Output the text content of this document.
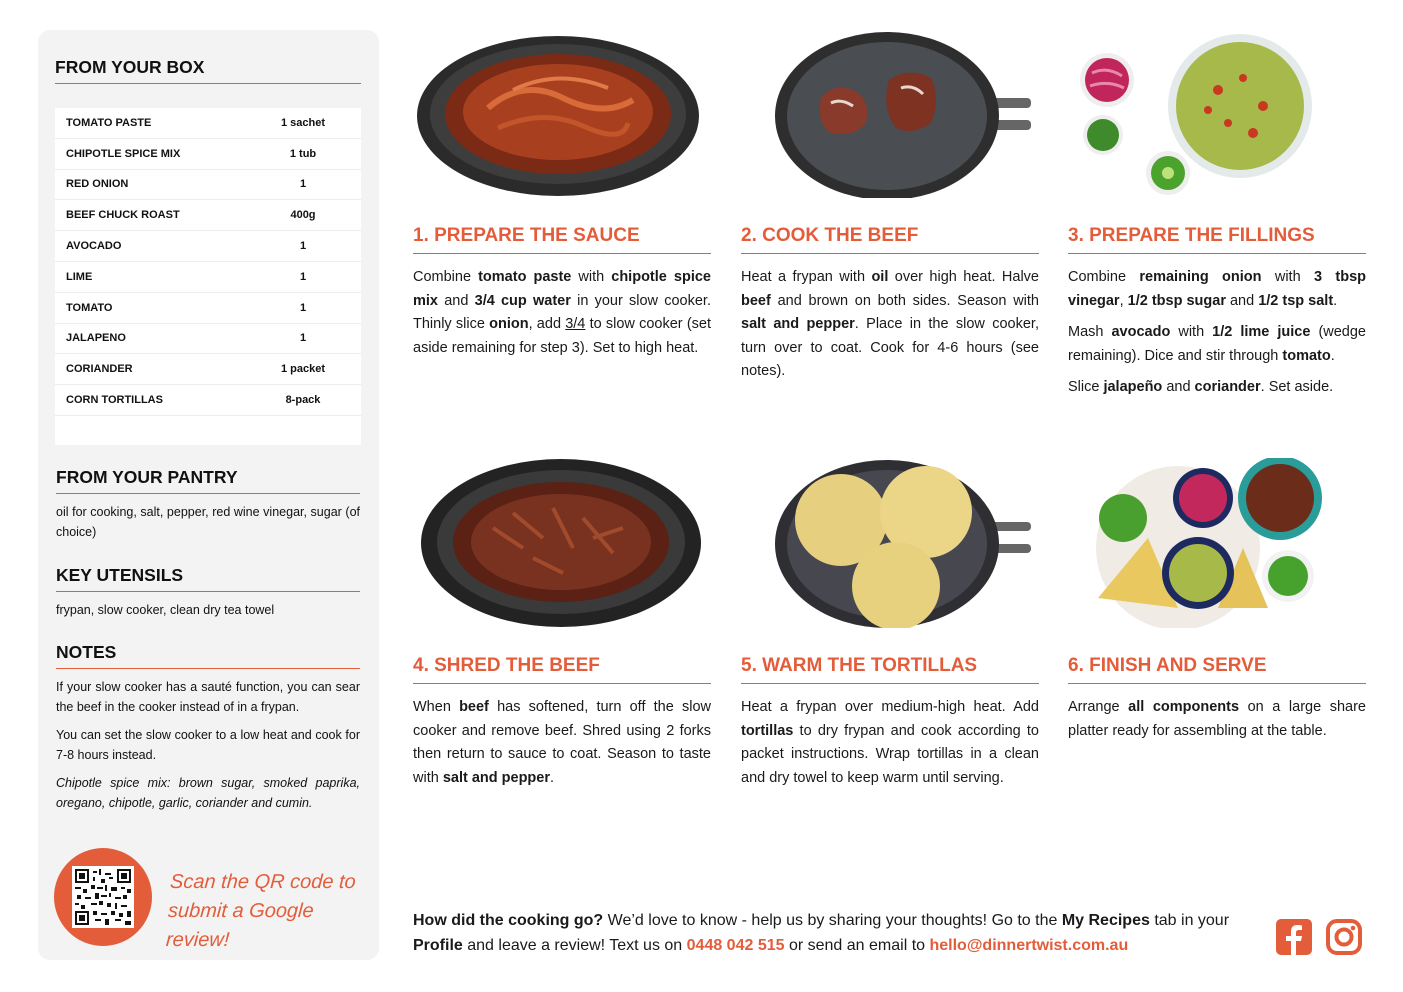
FROM YOUR BOX
TOMATO PASTE	1 sachet
CHIPOTLE SPICE MIX	1 tub
RED ONION	1
BEEF CHUCK ROAST	400g
AVOCADO	1
LIME	1
TOMATO	1
JALAPENO	1
CORIANDER	1 packet
CORN TORTILLAS	8-pack
FROM YOUR PANTRY
oil for cooking, salt, pepper, red wine vinegar, sugar (of choice)
KEY UTENSILS
frypan, slow cooker, clean dry tea towel
NOTES
If your slow cooker has a sauté function, you can sear the beef in the cooker instead of in a frypan.
You can set the slow cooker to a low heat and cook for 7-8 hours instead.
Chipotle spice mix: brown sugar, smoked paprika, oregano, chipotle, garlic, coriander and cumin.
Scan the QR code to
submit a Google review!
1. PREPARE THE SAUCE
Combine tomato paste with chipotle spice mix and 3/4 cup water in your slow cooker. Thinly slice onion, add 3/4 to slow cooker (set aside remaining for step 3). Set to high heat.
2. COOK THE BEEF
Heat a frypan with oil over high heat. Halve beef and brown on both sides. Season with salt and pepper. Place in the slow cooker, turn over to coat. Cook for 4-6 hours (see notes).
3. PREPARE THE FILLINGS

Combine remaining onion with 3 tbsp vinegar, 1/2 tbsp sugar and 1/2 tsp salt.

Mash avocado with 1/2 lime juice (wedge remaining). Dice and stir through tomato.

Slice jalapeño and coriander. Set aside.

4. SHRED THE BEEF
When beef has softened, turn off the slow cooker and remove beef. Shred using 2 forks then return to sauce to coat. Season to taste with salt and pepper.
5. WARM THE TORTILLAS
Heat a frypan over medium-high heat. Add tortillas to dry frypan and cook according to packet instructions. Wrap tortillas in a clean and dry towel to keep warm until serving.
6. FINISH AND SERVE
Arrange all components on a large share platter ready for assembling at the table.
How did the cooking go? We’d love to know - help us by sharing your thoughts! Go to the My Recipes tab in your Profile and leave a review! Text us on 0448 042 515 or send an email to hello@dinnertwist.com.au
